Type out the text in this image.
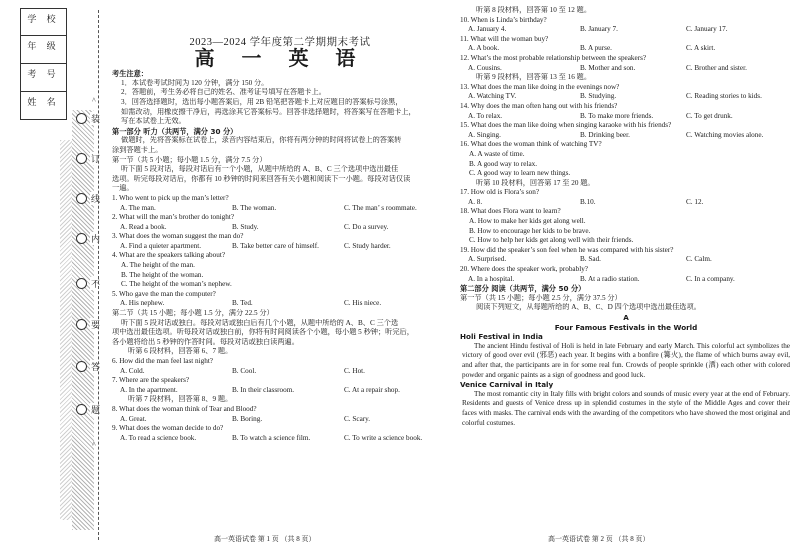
学 校
年 级
考 号
姓 名	^
^
装
订
线
内
不
要
答
题
2023—2024 学年度第二学期期末考试
高 一 英 语
考生注意：

1．本试卷考试时间为 120 分钟，满分 150 分。

2．答题前，考生务必将自己的姓名、准考证号填写在答题卡上。

3．回答选择题时，选出每小题答案后，用 2B 铅笔把答题卡上对应题目的答案标号涂黑，

如需改动，用橡皮擦干净后，再选涂其它答案标号。回答非选择题时，将答案写在答题卡上，

写在本试卷上无效。

第一部分 听力（共两节，满分 30 分）

做题时，先将答案标在试卷上，录音内容结束后，你将有两分钟的时间将试卷上的答案转

涂到答题卡上。

第一节（共 5 小题；每小题 1.5 分，满分 7.5 分）

听下面 5 段对话，每段对话后有一个小题，从题中所给的 A、B、C 三个选项中选出最佳

选项。听完每段对话后，你都有 10 秒钟的时间来回答有关小题和阅读下一小题。每段对话仅读

一遍。

1. Who went to pick up the man’s letter?

A. The man.	B. The woman.	C. The man’ s roommate.

2. What will the man’s brother do tonight?

A. Read a book.	B. Study.	C. Do a survey.

3. What does the woman suggest the man do?

A. Find a quieter apartment.	B. Take better care of himself.	C. Study harder.

4. What are the speakers talking about?

A. The height of the man.

B. The height of the woman.

C. The height of the woman’s nephew.

5. Who gave the man the computer?

A. His nephew.	B. Ted.	C. His niece.

第二节（共 15 小题；每小题 1.5 分，满分 22.5 分）

听下面 5 段对话或独白。每段对话或独白后有几个小题，从题中所给的 A、B、C 三个选

项中选出最佳选项。听每段对话或独白前，你将有时间阅读各个小题，每小题 5 秒钟；听完后，

各小题将给出 5 秒钟的作答时间。每段对话或独白读两遍。

听第 6 段材料，回答第 6、7 题。

6. How did the man feel last night?

A. Cold.	B. Cool.	C. Hot.

7. Where are the speakers?

A. In the apartment.	B. In their classroom.	C. At a repair shop.

听第 7 段材料，回答第 8、9 题。

8. What does the woman think of Tear and Blood?

A. Great.	B. Boring.	C. Scary.

9. What does the woman decide to do?

A. To read a science book.	B. To watch a science film.	C. To write a science book.

听第 8 段材料，回答第 10 至 12 题。

10. When is Linda’s birthday?

A. January 4.	B. January 7.	C. January 17.

11. What will the woman buy?

A. A book.	B. A purse.	C. A skirt.

12. What’s the most probable relationship between the speakers?

A. Cousins.	B. Mother and son.	C. Brother and sister.

听第 9 段材料，回答第 13 至 16 题。

13. What does the man like doing in the evenings now?

A. Watching TV.	B. Studying.	C. Reading stories to kids.

14. Why does the man often hang out with his friends?

A. To relax.	B. To make more friends.	C. To get drunk.

15. What does the man like doing when singing karaoke with his friends?

A. Singing.	B. Drinking beer.	C. Watching movies alone.

16. What does the woman think of watching TV?

A. A waste of time.

B. A good way to relax.

C. A good way to learn new things.

听第 10 段材料，回答第 17 至 20 题。

17. How old is Flora’s son?

A. 8.	B.10.	C. 12.

18. What does Flora want to learn?

A. How to make her kids get along well.

B. How to encourage her kids to be brave.

C. How to help her kids get along well with their friends.

19. How did the speaker’s son feel when he was compared with his sister?

A. Surprised.	B. Sad.	C. Calm.

20. Where does the speaker work, probably?

A. In a hospital.	B. At a radio station.	C. In a company.

第二部分 阅读（共两节，满分 50 分）

第一节（共 15 小题；每小题 2.5 分，满分 37.5 分）

阅读下列短文，从每题所给的 A、B、C、D 四个选项中选出最佳选项。

A
Four Famous Festivals in the World

Holi Festival in India

The ancient Hindu festival of Holi is held in late February and early March. This colorful act symbolizes the victory of good over evil (邪恶) each year. It begins with a bonfire (篝火), the flame of which burns away evil, and after that, the participants are in for some real fun. Crowds of people sprinkle (洒) each other with colored powder and organic paints as a sign of goodness and good luck.

Venice Carnival in Italy

The most romantic city in Italy fills with bright colors and sounds of music every year at the end of February. Residents and guests of Venice dress up in splendid costumes in the style of the Middle Ages and cover their faces with masks. The carnival ends with the awarding of the competitors who have showed the most original and colorful costumes.

高一英语试卷 第 1 页 （共 8 页）	高一英语试卷 第 2 页 （共 8 页）
